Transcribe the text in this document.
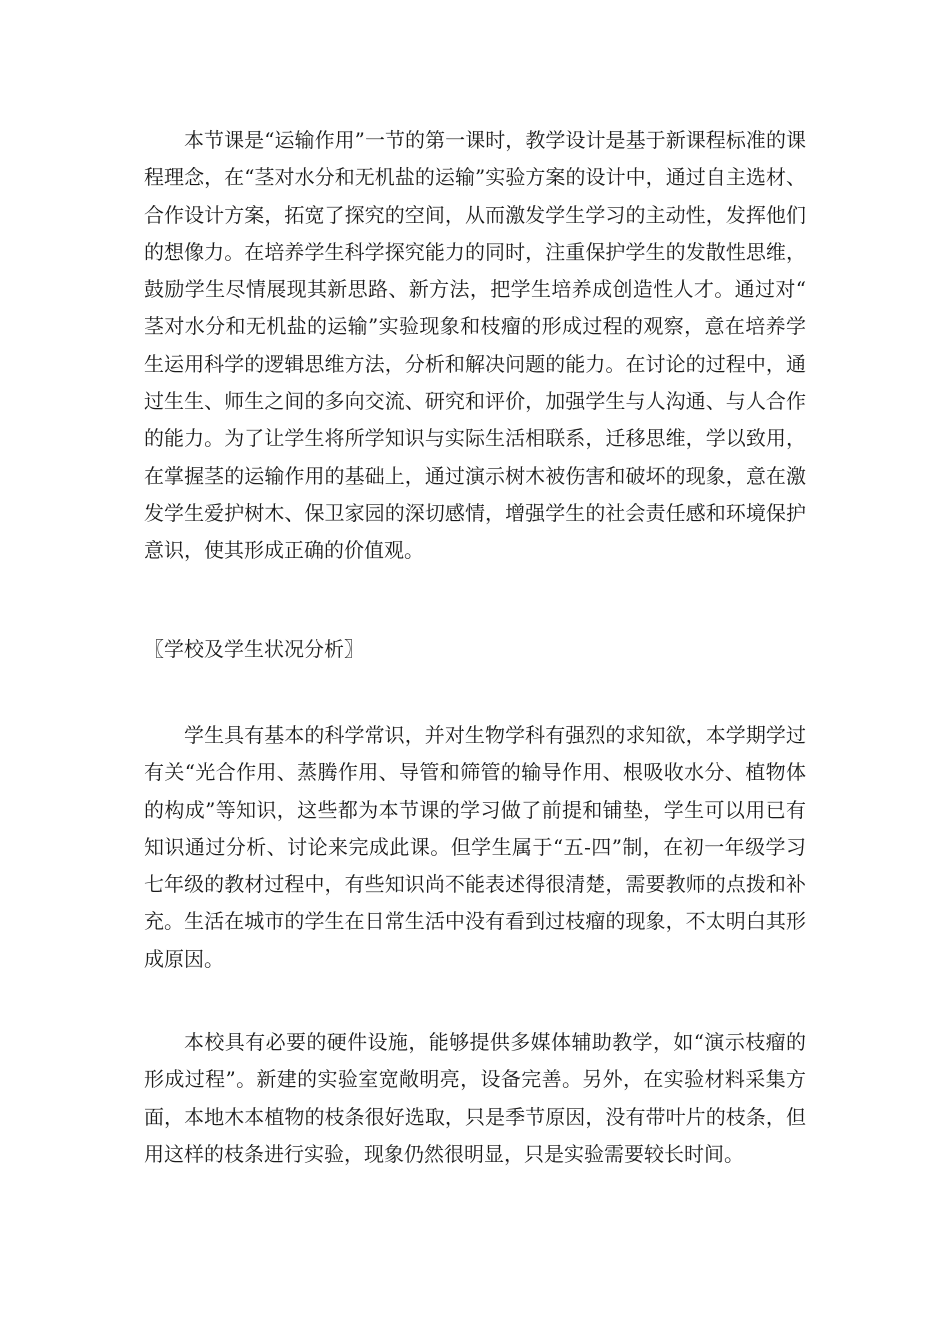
本节课是“运输作用”一节的第一课时，教学设计是基于新课程标准的课程理念，在“茎对水分和无机盐的运输”实验方案的设计中，通过自主选材、合作设计方案，拓宽了探究的空间，从而激发学生学习的主动性，发挥他们的想像力。在培养学生科学探究能力的同时，注重保护学生的发散性思维，鼓励学生尽情展现其新思路、新方法，把学生培养成创造性人才。通过对“茎对水分和无机盐的运输”实验现象和枝瘤的形成过程的观察，意在培养学生运用科学的逻辑思维方法，分析和解决问题的能力。在讨论的过程中，通过生生、师生之间的多向交流、研究和评价，加强学生与人沟通、与人合作的能力。为了让学生将所学知识与实际生活相联系，迁移思维，学以致用，在掌握茎的运输作用的基础上，通过演示树木被伤害和破坏的现象，意在激发学生爱护树木、保卫家园的深切感情，增强学生的社会责任感和环境保护意识，使其形成正确的价值观。

〖学校及学生状况分析〗

学生具有基本的科学常识，并对生物学科有强烈的求知欲，本学期学过有关“光合作用、蒸腾作用、导管和筛管的输导作用、根吸收水分、植物体的构成”等知识，这些都为本节课的学习做了前提和铺垫，学生可以用已有知识通过分析、讨论来完成此课。但学生属于“五-四”制，在初一年级学习七年级的教材过程中，有些知识尚不能表述得很清楚，需要教师的点拨和补充。生活在城市的学生在日常生活中没有看到过枝瘤的现象，不太明白其形成原因。

本校具有必要的硬件设施，能够提供多媒体辅助教学，如“演示枝瘤的形成过程”。新建的实验室宽敞明亮，设备完善。另外，在实验材料采集方面，本地木本植物的枝条很好选取，只是季节原因，没有带叶片的枝条，但用这样的枝条进行实验，现象仍然很明显，只是实验需要较长时间。
